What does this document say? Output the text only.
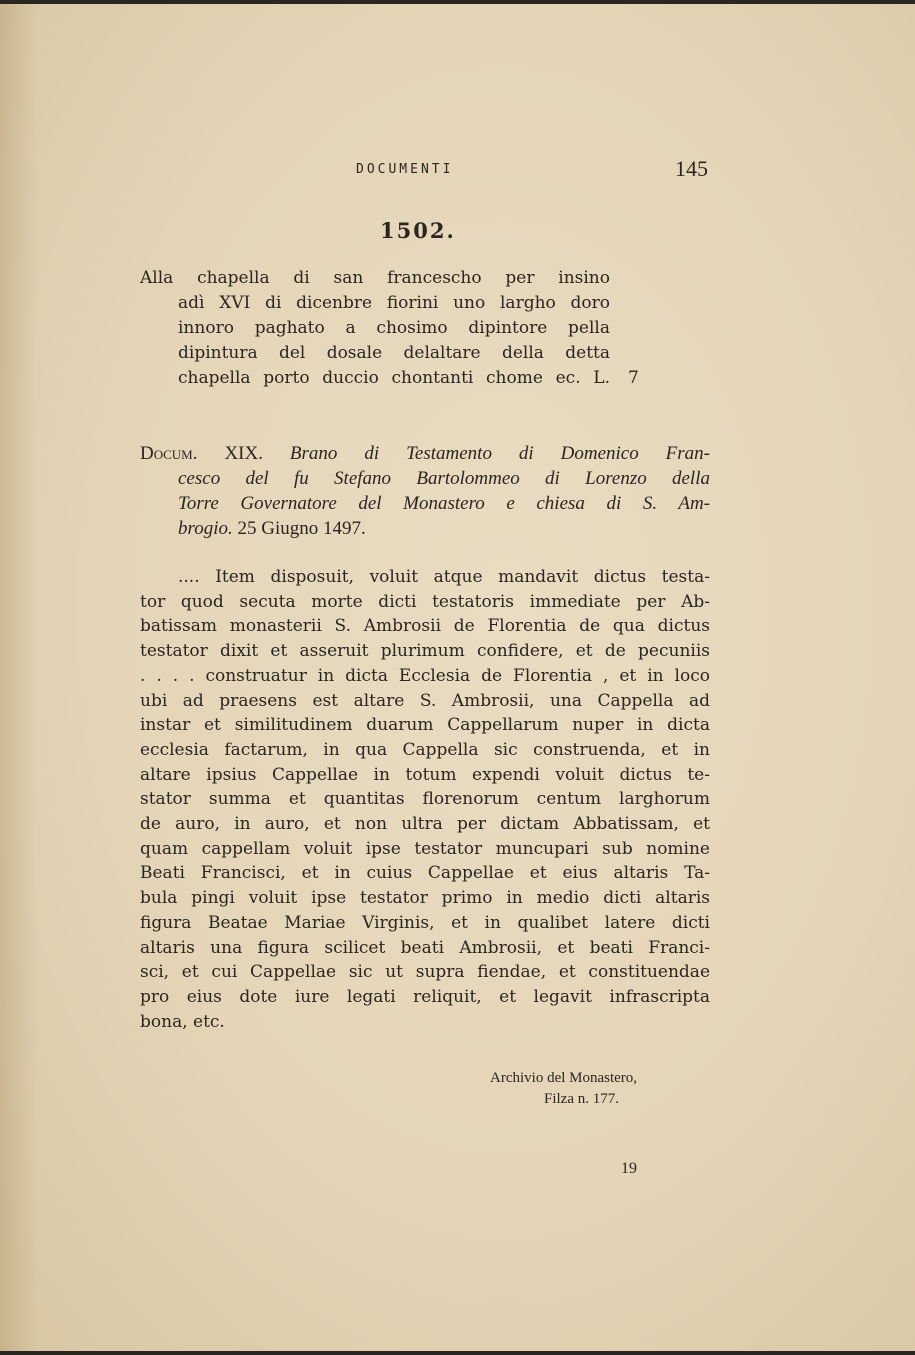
DOCUMENTI	145
1502.
Alla chapella di san francescho per insino
adì XVI di dicenbre fiorini uno largho doro
innoro paghato a chosimo dipintore pella
dipintura del dosale delaltare della detta
chapella porto duccio chontanti chome ec. L. 7
Docum. XIX. Brano di Testamento di Domenico Fran-
cesco del fu Stefano Bartolommeo di Lorenzo della
Torre Governatore del Monastero e chiesa di S. Am-
brogio. 25 Giugno 1497.
.... Item disposuit, voluit atque mandavit dictus testa-
tor quod secuta morte dicti testatoris immediate per Ab-
batissam monasterii S. Ambrosii de Florentia de qua dictus
testator dixit et asseruit plurimum confidere, et de pecuniis
. . . . construatur in dicta Ecclesia de Florentia , et in loco
ubi ad praesens est altare S. Ambrosii, una Cappella ad
instar et similitudinem duarum Cappellarum nuper in dicta
ecclesia factarum, in qua Cappella sic construenda, et in
altare ipsius Cappellae in totum expendi voluit dictus te-
stator summa et quantitas florenorum centum larghorum
de auro, in auro, et non ultra per dictam Abbatissam, et
quam cappellam voluit ipse testator muncupari sub nomine
Beati Francisci, et in cuius Cappellae et eius altaris Ta-
bula pingi voluit ipse testator primo in medio dicti altaris
figura Beatae Mariae Virginis, et in qualibet latere dicti
altaris una figura scilicet beati Ambrosii, et beati Franci-
sci, et cui Cappellae sic ut supra fiendae, et constituendae
pro eius dote iure legati reliquit, et legavit infrascripta
bona, etc.
Archivio del Monastero,
Filza n. 177.
19
